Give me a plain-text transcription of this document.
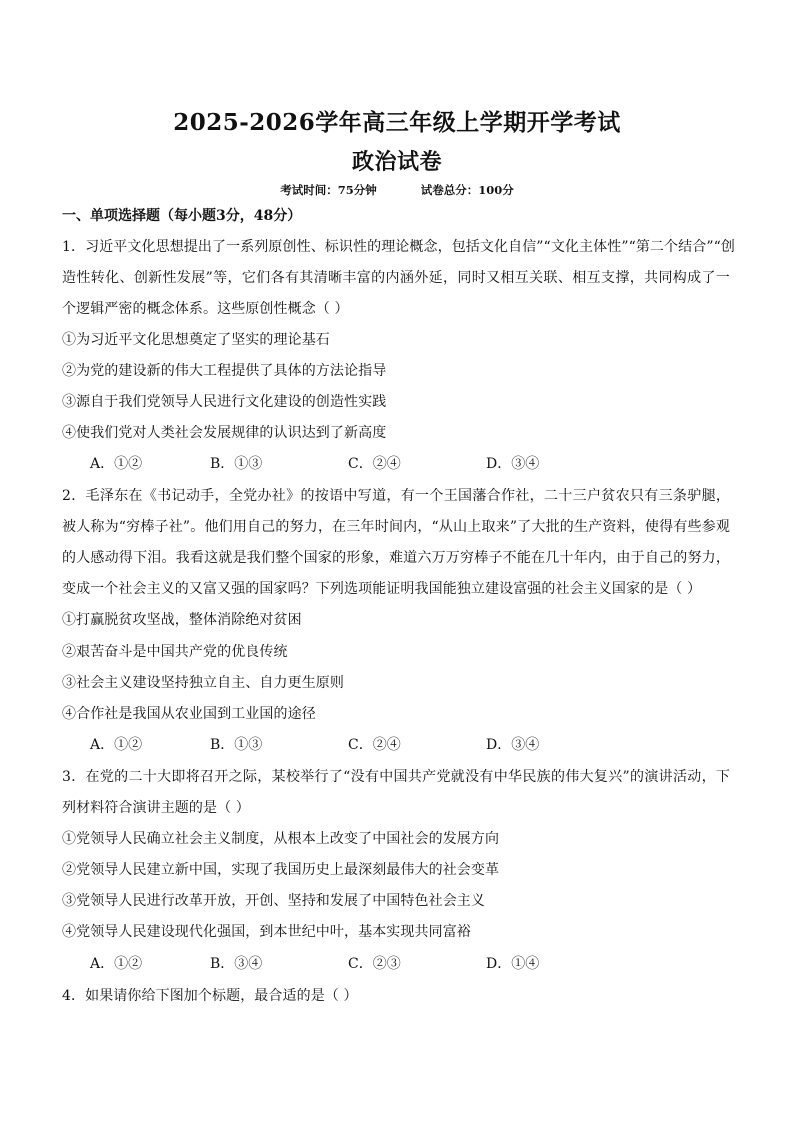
2025-2026学年高三年级上学期开学考试
政治试卷
考试时间：75分钟	试卷总分：100分
一、单项选择题（每小题3分，48分）
1．习近平文化思想提出了一系列原创性、标识性的理论概念，包括文化自信”“文化主体性”“第二个结合”“创
造性转化、创新性发展”等，它们各有其清晰丰富的内涵外延，同时又相互关联、相互支撑，共同构成了一
个逻辑严密的概念体系。这些原创性概念（ ）
①为习近平文化思想奠定了坚实的理论基石
②为党的建设新的伟大工程提供了具体的方法论指导
③源自于我们党领导人民进行文化建设的创造性实践
④使我们党对人类社会发展规律的认识达到了新高度
A．①②	B．①③	C．②④	D．③④
2．毛泽东在《书记动手，全党办社》的按语中写道，有一个王国藩合作社，二十三户贫农只有三条驴腿，
被人称为“穷棒子社”。他们用自己的努力，在三年时间内，“从山上取来”了大批的生产资料，使得有些参观
的人感动得下泪。我看这就是我们整个国家的形象，难道六万万穷棒子不能在几十年内，由于自己的努力，
变成一个社会主义的又富又强的国家吗？下列选项能证明我国能独立建设富强的社会主义国家的是（ ）
①打赢脱贫攻坚战，整体消除绝对贫困
②艰苦奋斗是中国共产党的优良传统
③社会主义建设坚持独立自主、自力更生原则
④合作社是我国从农业国到工业国的途径
A．①②	B．①③	C．②④	D．③④
3．在党的二十大即将召开之际，某校举行了“没有中国共产党就没有中华民族的伟大复兴”的演讲活动，下
列材料符合演讲主题的是（ ）
①党领导人民确立社会主义制度，从根本上改变了中国社会的发展方向
②党领导人民建立新中国，实现了我国历史上最深刻最伟大的社会变革
③党领导人民进行改革开放，开创、坚持和发展了中国特色社会主义
④党领导人民建设现代化强国，到本世纪中叶，基本实现共同富裕
A．①②	B．③④	C．②③	D．①④
4．如果请你给下图加个标题，最合适的是（ ）
